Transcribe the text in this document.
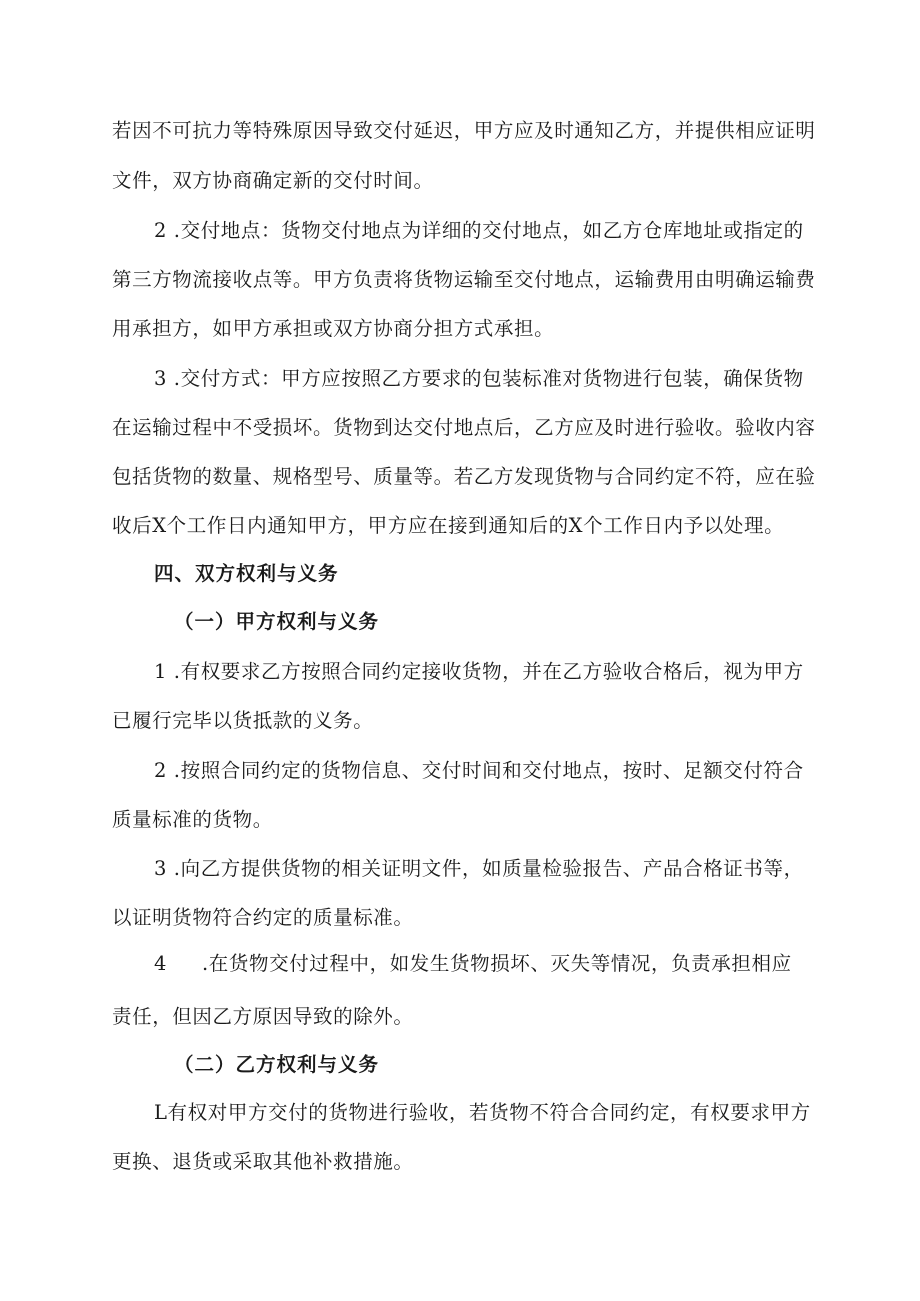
若因不可抗力等特殊原因导致交付延迟，甲方应及时通知乙方，并提供相应证明
文件，双方协商确定新的交付时间。
2 .交付地点：货物交付地点为详细的交付地点，如乙方仓库地址或指定的
第三方物流接收点等。甲方负责将货物运输至交付地点，运输费用由明确运输费
用承担方，如甲方承担或双方协商分担方式承担。
3 .交付方式：甲方应按照乙方要求的包装标准对货物进行包装，确保货物
在运输过程中不受损坏。货物到达交付地点后，乙方应及时进行验收。验收内容
包括货物的数量、规格型号、质量等。若乙方发现货物与合同约定不符，应在验
收后X个工作日内通知甲方，甲方应在接到通知后的X个工作日内予以处理。
四、双方权利与义务
（一）甲方权利与义务
1 .有权要求乙方按照合同约定接收货物，并在乙方验收合格后，视为甲方
已履行完毕以货抵款的义务。
2 .按照合同约定的货物信息、交付时间和交付地点，按时、足额交付符合
质量标准的货物。
3 .向乙方提供货物的相关证明文件，如质量检验报告、产品合格证书等，
以证明货物符合约定的质量标准。
4 .在货物交付过程中，如发生货物损坏、灭失等情况，负责承担相应
责任，但因乙方原因导致的除外。
（二）乙方权利与义务
L有权对甲方交付的货物进行验收，若货物不符合合同约定，有权要求甲方
更换、退货或采取其他补救措施。
